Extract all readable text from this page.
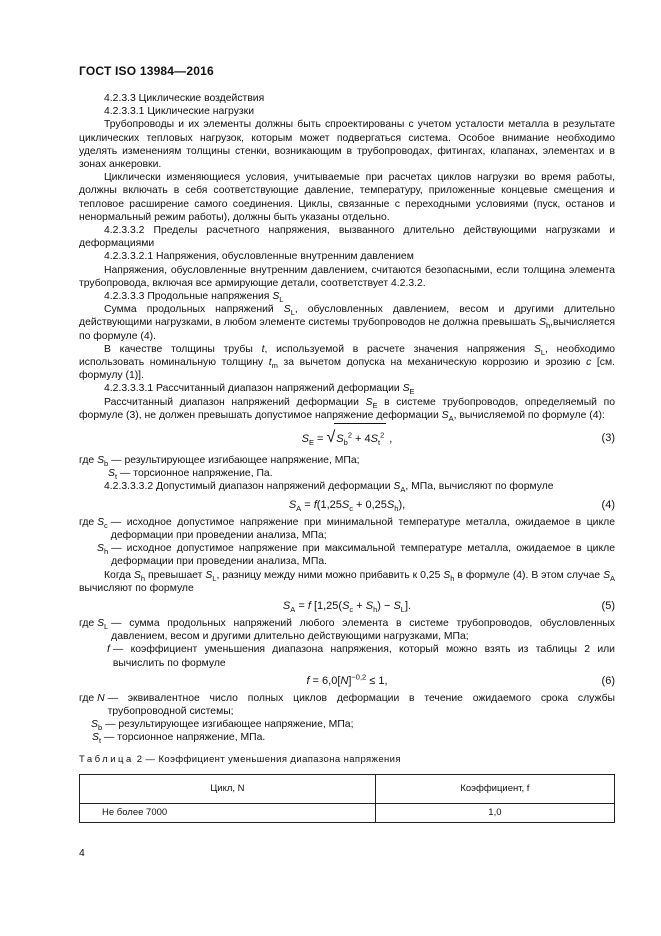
ГОСТ ISO 13984—2016

4.2.3.3 Циклические воздействия

4.2.3.3.1 Циклические нагрузки

Трубопроводы и их элементы должны быть спроектированы с учетом усталости металла в результате циклических тепловых нагрузок, которым может подвергаться система. Особое внимание необходимо уделять изменениям толщины стенки, возникающим в трубопроводах, фитингах, клапанах, элементах и в зонах анкеровки.

Циклически изменяющиеся условия, учитываемые при расчетах циклов нагрузки во время работы, должны включать в себя соответствующие давление, температуру, приложенные концевые смещения и тепловое расширение самого соединения. Циклы, связанные с переходными условиями (пуск, останов и ненормальный режим работы), должны быть указаны отдельно.

4.2.3.3.2 Пределы расчетного напряжения, вызванного длительно действующими нагрузками и деформациями

4.2.3.3.2.1 Напряжения, обусловленные внутренним давлением

Напряжения, обусловленные внутренним давлением, считаются безопасными, если толщина элемента трубопровода, включая все армирующие детали, соответствует 4.2.3.2.

4.2.3.3.3 Продольные напряжения $S_L$

Сумма продольных напряжений $S_L$, обусловленных давлением, весом и другими длительно действующими нагрузками, в любом элементе системы трубопроводов не должна превышать $S_h,вычисляется$ по формуле (4).

В качестве толщины трубы t, используемой в расчете значения напряжения $S_L$, необходимо использовать номинальную толщину $t_m$ за вычетом допуска на механическую коррозию и эрозию c [см. формулу (1)].

4.2.3.3.3.1 Рассчитанный диапазон напряжений деформации $S_E$

Рассчитанный диапазон напряжений деформации $S_E$ в системе трубопроводов, определяемый по формуле (3), не должен превышать допустимое напряжение деформации $S_A$, вычисляемой по формуле (4):

$S_E = √S_b^2 + 4S_t^2$ ,	(3)
где $S_b$ — результирующее изгибающее напряжение, МПа;
$S_t$ — торсионное напряжение, Па.

4.2.3.3.3.2 Допустимый диапазон напряжений деформации $S_A$, МПа, вычисляют по формуле

$S_A = f(1,25S_c + 0,25S_h)$,	(4)
где $S_c$ — исходное допустимое напряжение при минимальной температуре металла, ожидаемое в цикле деформации при проведении анализа, МПа;
$S_h$ — исходное допустимое напряжение при максимальной температуре металла, ожидаемое в цикле деформации при проведении анализа, МПа.

Когда $S_h$ превышает $S_L$, разницу между ними можно прибавить к 0,25 $S_h$ в формуле (4). В этом случае $S_A$ вычисляют по формуле

$S_A = f$ $[1,25(S_c + S_h) - S_L]$.	(5)
где $S_L$ — сумма продольных напряжений любого элемента в системе трубопроводов, обусловленных давлением, весом и другими длительно действующими нагрузками, МПа;
f — коэффициент уменьшения диапазона напряжения, который можно взять из таблицы 2 или вычислить по формуле
$f = 6,0[N]^{-0,2} \le 1$,	(6)
где N — эквивалентное число полных циклов деформации в течение ожидаемого срока службы трубопроводной системы;
$S_b$ — результирующее изгибающее напряжение, МПа;
$S_t$ — торсионное напряжение, МПа.
Таблица 2 — Коэффициент уменьшения диапазона напряжения
Цикл, N	Коэффициент, f
Не более 7000	1,0
4
